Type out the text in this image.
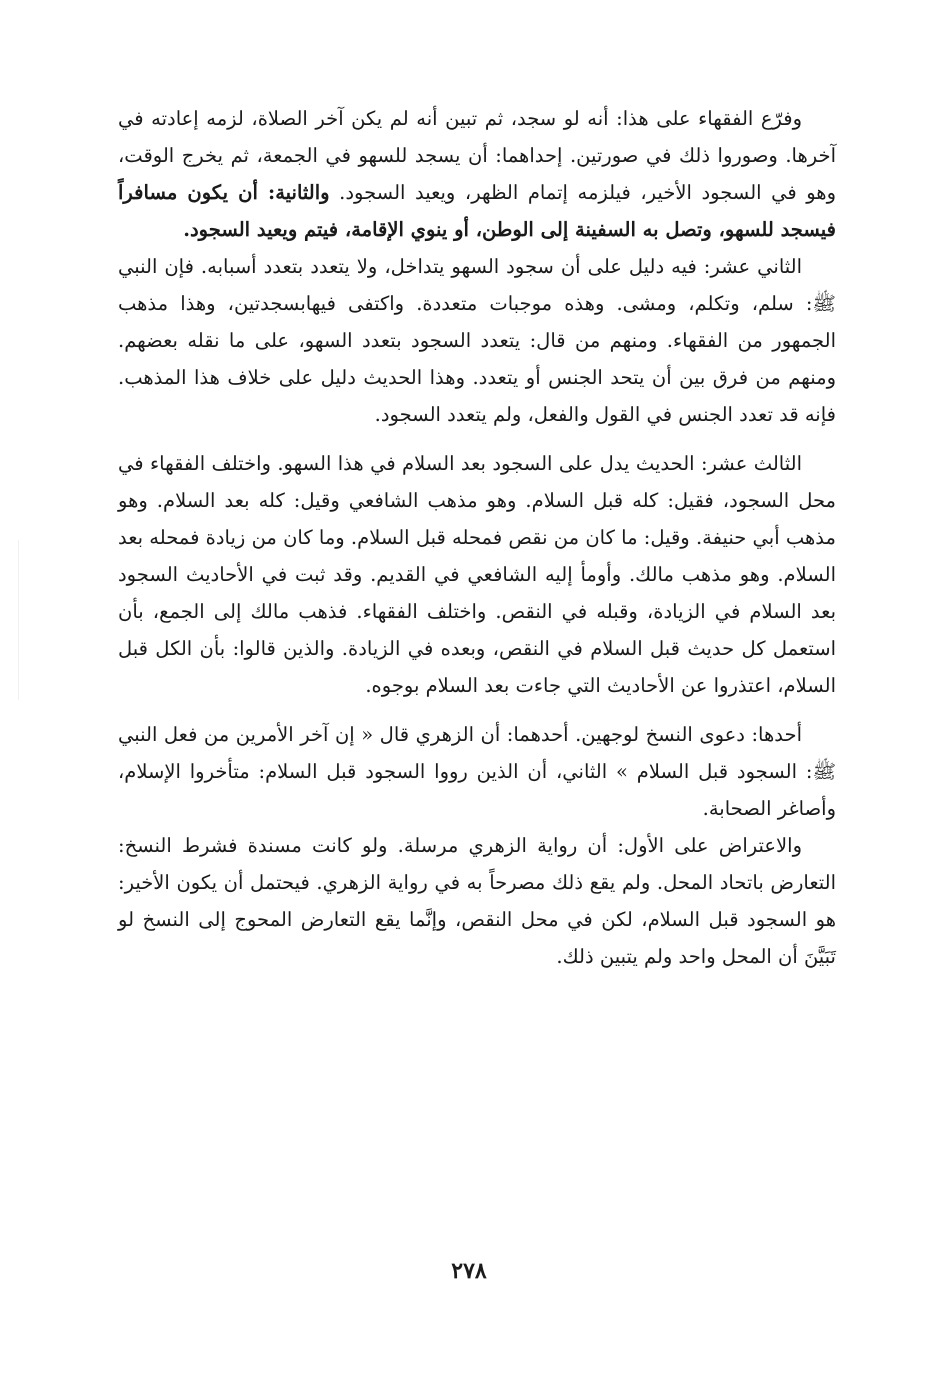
وفرّع الفقهاء على هذا: أنه لو سجد، ثم تبين أنه لم يكن آخر الصلاة، لزمه إعادته في آخرها. وصوروا ذلك في صورتين. إحداهما: أن يسجد للسهو في الجمعة، ثم يخرج الوقت، وهو في السجود الأخير، فيلزمه إتمام الظهر، ويعيد السجود. والثانية: أن يكون مسافراً فيسجد للسهو، وتصل به السفينة إلى الوطن، أو ينوي الإقامة، فيتم ويعيد السجود.

الثاني عشر: فيه دليل على أن سجود السهو يتداخل، ولا يتعدد بتعدد أسبابه. فإن النبي ﷺ: سلم، وتكلم، ومشى. وهذه موجبات متعددة. واكتفى فيهابسجدتين، وهذا مذهب الجمهور من الفقهاء. ومنهم من قال: يتعدد السجود بتعدد السهو، على ما نقله بعضهم. ومنهم من فرق بين أن يتحد الجنس أو يتعدد. وهذا الحديث دليل على خلاف هذا المذهب. فإنه قد تعدد الجنس في القول والفعل، ولم يتعدد السجود.

الثالث عشر: الحديث يدل على السجود بعد السلام في هذا السهو. واختلف الفقهاء في محل السجود، فقيل: كله قبل السلام. وهو مذهب الشافعي وقيل: كله بعد السلام. وهو مذهب أبي حنيفة. وقيل: ما كان من نقص فمحله قبل السلام. وما كان من زيادة فمحله بعد السلام. وهو مذهب مالك. وأومأ إليه الشافعي في القديم. وقد ثبت في الأحاديث السجود بعد السلام في الزيادة، وقبله في النقص. واختلف الفقهاء. فذهب مالك إلى الجمع، بأن استعمل كل حديث قبل السلام في النقص، وبعده في الزيادة. والذين قالوا: بأن الكل قبل السلام، اعتذروا عن الأحاديث التي جاءت بعد السلام بوجوه.

أحدها: دعوى النسخ لوجهين. أحدهما: أن الزهري قال « إن آخر الأمرين من فعل النبي ﷺ: السجود قبل السلام » الثاني، أن الذين رووا السجود قبل السلام: متأخروا الإسلام، وأصاغر الصحابة.

والاعتراض على الأول: أن رواية الزهري مرسلة. ولو كانت مسندة فشرط النسخ: التعارض باتحاد المحل. ولم يقع ذلك مصرحاً به في رواية الزهري. فيحتمل أن يكون الأخير: هو السجود قبل السلام، لكن في محل النقص، وإنَّما يقع التعارض المحوج إلى النسخ لو تَبَيَّنَ أن المحل واحد ولم يتبين ذلك.

٢٧٨
